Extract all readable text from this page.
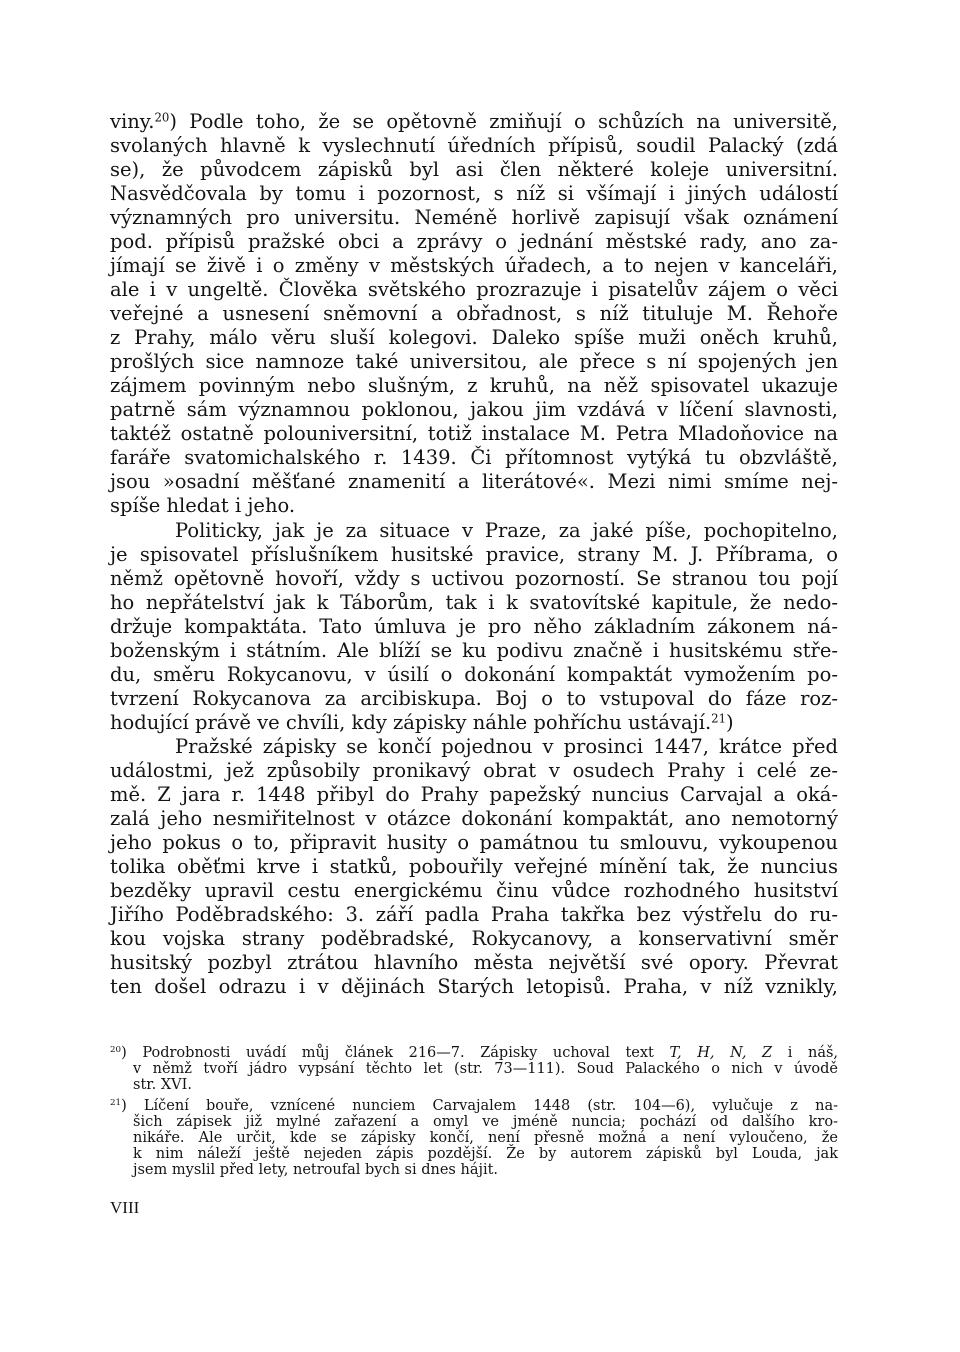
viny.$^{20}$) Podle toho, že se opětovně zmiňují o schůzích na universitě,
svolaných hlavně k vyslechnutí úředních přípisů, soudil Palacký (zdá
se), že původcem zápisků byl asi člen některé koleje universitní.
Nasvědčovala by tomu i pozornost, s níž si všímají i jiných událostí
významných pro universitu. Neméně horlivě zapisují však oznámení
pod. přípisů pražské obci a zprávy o jednání městské rady, ano za-
jímají se živě i o změny v městských úřadech, a to nejen v kanceláři,
ale i v ungeltě. Člověka světského prozrazuje i pisatelův zájem o věci
veřejné a usnesení sněmovní a obřadnost, s níž tituluje M. Řehoře
z Prahy, málo věru sluší kolegovi. Daleko spíše muži oněch kruhů,
prošlých sice namnoze také universitou, ale přece s ní spojených jen
zájmem povinným nebo slušným, z kruhů, na něž spisovatel ukazuje
patrně sám významnou poklonou, jakou jim vzdává v líčení slavnosti,
taktéž ostatně polouniversitní, totiž instalace M. Petra Mladoňovice na
faráře svatomichalského r. 1439. Či přítomnost vytýká tu obzvláště,
jsou »osadní měšťané znamenití a literátové«. Mezi nimi smíme nej-
spíše hledat i jeho.
Politicky, jak je za situace v Praze, za jaké píše, pochopitelno,
je spisovatel příslušníkem husitské pravice, strany M. J. Příbrama, o
němž opětovně hovoří, vždy s uctivou pozorností. Se stranou tou pojí
ho nepřátelství jak k Táborům, tak i k svatovítské kapitule, že nedo-
držuje kompaktáta. Tato úmluva je pro něho základním zákonem ná-
boženským i státním. Ale blíží se ku podivu značně i husitskému stře-
du, směru Rokycanovu, v úsilí o dokonání kompaktát vymožením po-
tvrzení Rokycanova za arcibiskupa. Boj o to vstupoval do fáze roz-
hodující právě ve chvíli, kdy zápisky náhle pohříchu ustávají.$^{21}$)
Pražské zápisky se končí pojednou v prosinci 1447, krátce před
událostmi, jež způsobily pronikavý obrat v osudech Prahy i celé ze-
mě. Z jara r. 1448 přibyl do Prahy papežský nuncius Carvajal a oká-
zalá jeho nesmiřitelnost v otázce dokonání kompaktát, ano nemotorný
jeho pokus o to, připravit husity o památnou tu smlouvu, vykoupenou
tolika oběťmi krve i statků, pobouřily veřejné mínění tak, že nuncius
bezděky upravil cestu energickému činu vůdce rozhodného husitství
Jiřího Poděbradského: 3. září padla Praha takřka bez výstřelu do ru-
kou vojska strany poděbradské, Rokycanovy, a konservativní směr
husitský pozbyl ztrátou hlavního města největší své opory. Převrat
ten došel odrazu i v dějinách Starých letopisů. Praha, v níž vznikly,
$^{20}$) Podrobnosti uvádí můj článek 216—7. Zápisky uchoval text T, H, N, Z i náš,
v němž tvoří jádro vypsání těchto let (str. 73—111). Soud Palackého o nich v úvodě
str. XVI.
$^{21}$) Líčení bouře, vznícené nunciem Carvajalem 1448 (str. 104—6), vylučuje z na-
šich zápisek již mylné zařazení a omyl ve jméně nuncia; pochází od dalšího kro-
nikáře. Ale určit, kde se zápisky končí, není přesně možná a není vyloučeno, že
k nim náleží ještě nejeden zápis pozdější. Že by autorem zápisků byl Louda, jak
jsem myslil před lety, netroufal bych si dnes hájit.
VIII
